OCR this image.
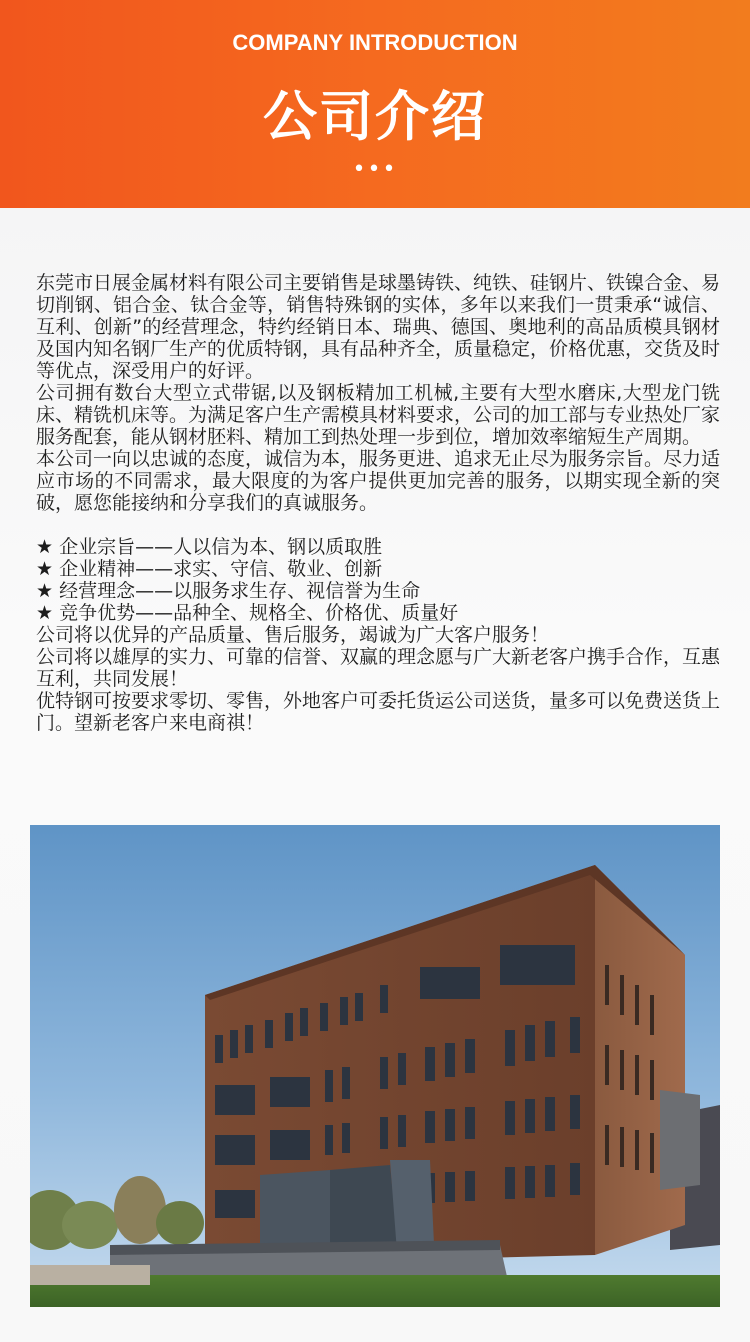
COMPANY INTRODUCTION
公司介绍
•••

东莞市日展金属材料有限公司主要销售是球墨铸铁、纯铁、硅钢片、铁镍合金、易切削钢、铝合金、钛合金等，销售特殊钢的实体，多年以来我们一贯秉承“诚信、互利、创新”的经营理念，特约经销日本、瑞典、德国、奥地利的高品质模具钢材及国内知名钢厂生产的优质特钢，具有品种齐全，质量稳定，价格优惠，交货及时等优点，深受用户的好评。

公司拥有数台大型立式带锯,以及钢板精加工机械,主要有大型水磨床,大型龙门铣床、精铣机床等。为满足客户生产需模具材料要求，公司的加工部与专业热处厂家服务配套，能从钢材胚料、精加工到热处理一步到位，增加效率缩短生产周期。

本公司一向以忠诚的态度，诚信为本，服务更进、追求无止尽为服务宗旨。尽力适应市场的不同需求，最大限度的为客户提供更加完善的服务，以期实现全新的突破，愿您能接纳和分享我们的真诚服务。

★ 企业宗旨——人以信为本、钢以质取胜

★ 企业精神——求实、守信、敬业、创新

★ 经营理念——以服务求生存、视信誉为生命

★ 竞争优势——品种全、规格全、价格优、质量好

公司将以优异的产品质量、售后服务，竭诚为广大客户服务！

公司将以雄厚的实力、可靠的信誉、双赢的理念愿与广大新老客户携手合作，互惠互利，共同发展！

优特钢可按要求零切、零售，外地客户可委托货运公司送货，量多可以免费送货上门。望新老客户来电商祺！
